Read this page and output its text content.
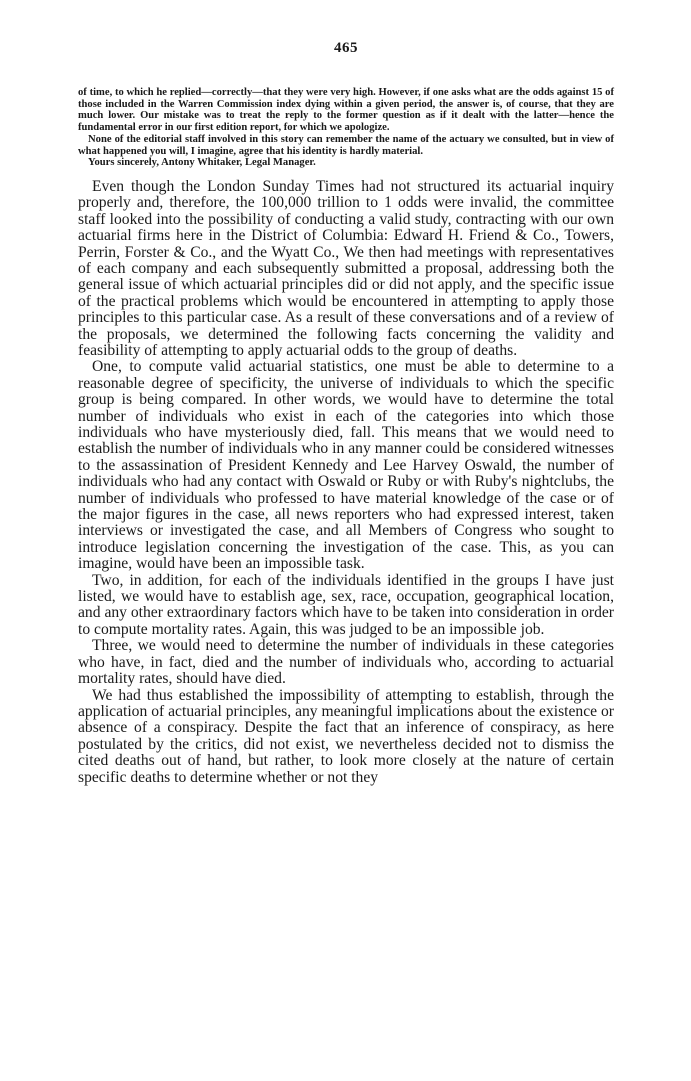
465

of time, to which he replied—correctly—that they were very high. However, if one asks what are the odds against 15 of those included in the Warren Commission index dying within a given period, the answer is, of course, that they are much lower. Our mistake was to treat the reply to the former question as if it dealt with the latter—hence the fundamental error in our first edition report, for which we apologize.

None of the editorial staff involved in this story can remember the name of the actuary we consulted, but in view of what happened you will, I imagine, agree that his identity is hardly material.

Yours sincerely, Antony Whitaker, Legal Manager.

Even though the London Sunday Times had not structured its actuarial inquiry properly and, therefore, the 100,000 trillion to 1 odds were invalid, the committee staff looked into the possibility of conducting a valid study, contracting with our own actuarial firms here in the District of Columbia: Edward H. Friend & Co., Towers, Perrin, Forster & Co., and the Wyatt Co., We then had meetings with representatives of each company and each subsequently submitted a proposal, addressing both the general issue of which actuarial principles did or did not apply, and the specific issue of the practical problems which would be encountered in attempting to apply those principles to this particular case. As a result of these conversations and of a review of the proposals, we determined the following facts concerning the validity and feasibility of attempting to apply actuarial odds to the group of deaths.

One, to compute valid actuarial statistics, one must be able to determine to a reasonable degree of specificity, the universe of individuals to which the specific group is being compared. In other words, we would have to determine the total number of individuals who exist in each of the categories into which those individuals who have mysteriously died, fall. This means that we would need to establish the number of individuals who in any manner could be considered witnesses to the assassination of President Kennedy and Lee Harvey Oswald, the number of individuals who had any contact with Oswald or Ruby or with Ruby's nightclubs, the number of individuals who professed to have material knowledge of the case or of the major figures in the case, all news reporters who had expressed interest, taken interviews or investigated the case, and all Members of Congress who sought to introduce legislation concerning the investigation of the case. This, as you can imagine, would have been an impossible task.

Two, in addition, for each of the individuals identified in the groups I have just listed, we would have to establish age, sex, race, occupation, geographical location, and any other extraordinary factors which have to be taken into consideration in order to compute mortality rates. Again, this was judged to be an impossible job.

Three, we would need to determine the number of individuals in these categories who have, in fact, died and the number of individuals who, according to actuarial mortality rates, should have died.

We had thus established the impossibility of attempting to establish, through the application of actuarial principles, any meaningful implications about the existence or absence of a conspiracy. Despite the fact that an inference of conspiracy, as here postulated by the critics, did not exist, we nevertheless decided not to dismiss the cited deaths out of hand, but rather, to look more closely at the nature of certain specific deaths to determine whether or not they
